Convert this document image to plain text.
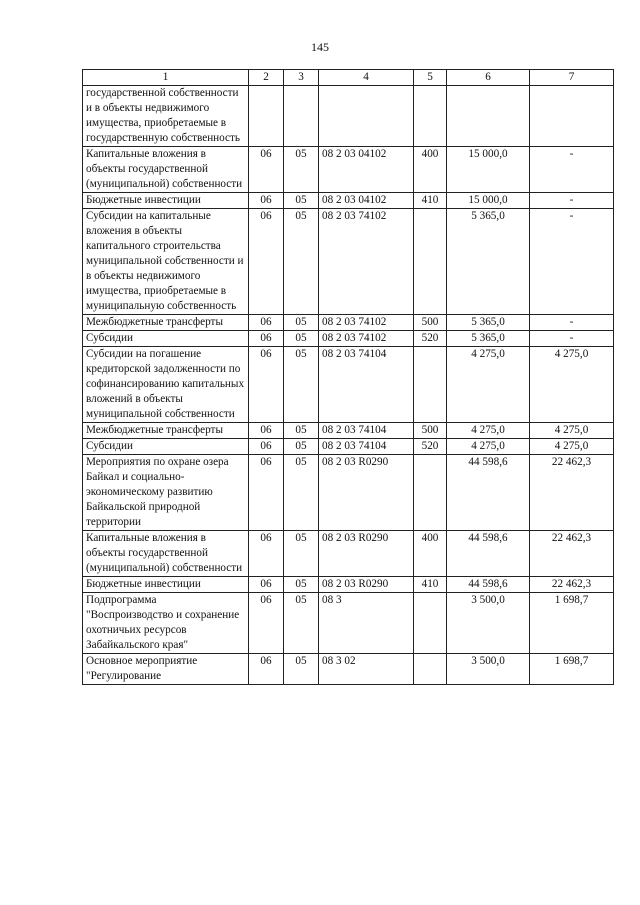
145
1	2	3	4	5	6	7
государственной собственности и в объекты недвижимого имущества, приобретаемые в государственную собственность						
Капитальные вложения в объекты государственной (муниципальной) собственности	06	05	08 2 03 04102	400	15 000,0	-
Бюджетные инвестиции	06	05	08 2 03 04102	410	15 000,0	-
Субсидии на капитальные вложения в объекты капитального строительства муниципальной собственности и в объекты недвижимого имущества, приобретаемые в муниципальную собственность	06	05	08 2 03 74102		5 365,0	-
Межбюджетные трансферты	06	05	08 2 03 74102	500	5 365,0	-
Субсидии	06	05	08 2 03 74102	520	5 365,0	-
Субсидии на погашение кредиторской задолженности по софинансированию капитальных вложений в объекты муниципальной собственности	06	05	08 2 03 74104		4 275,0	4 275,0
Межбюджетные трансферты	06	05	08 2 03 74104	500	4 275,0	4 275,0
Субсидии	06	05	08 2 03 74104	520	4 275,0	4 275,0
Мероприятия по охране озера Байкал и социально-экономическому развитию Байкальской природной территории	06	05	08 2 03 R0290		44 598,6	22 462,3
Капитальные вложения в объекты государственной (муниципальной) собственности	06	05	08 2 03 R0290	400	44 598,6	22 462,3
Бюджетные инвестиции	06	05	08 2 03 R0290	410	44 598,6	22 462,3
Подпрограмма "Воспроизводство и сохранение охотничьих ресурсов Забайкальского края"	06	05	08 3		3 500,0	1 698,7
Основное мероприятие "Регулирование	06	05	08 3 02		3 500,0	1 698,7
